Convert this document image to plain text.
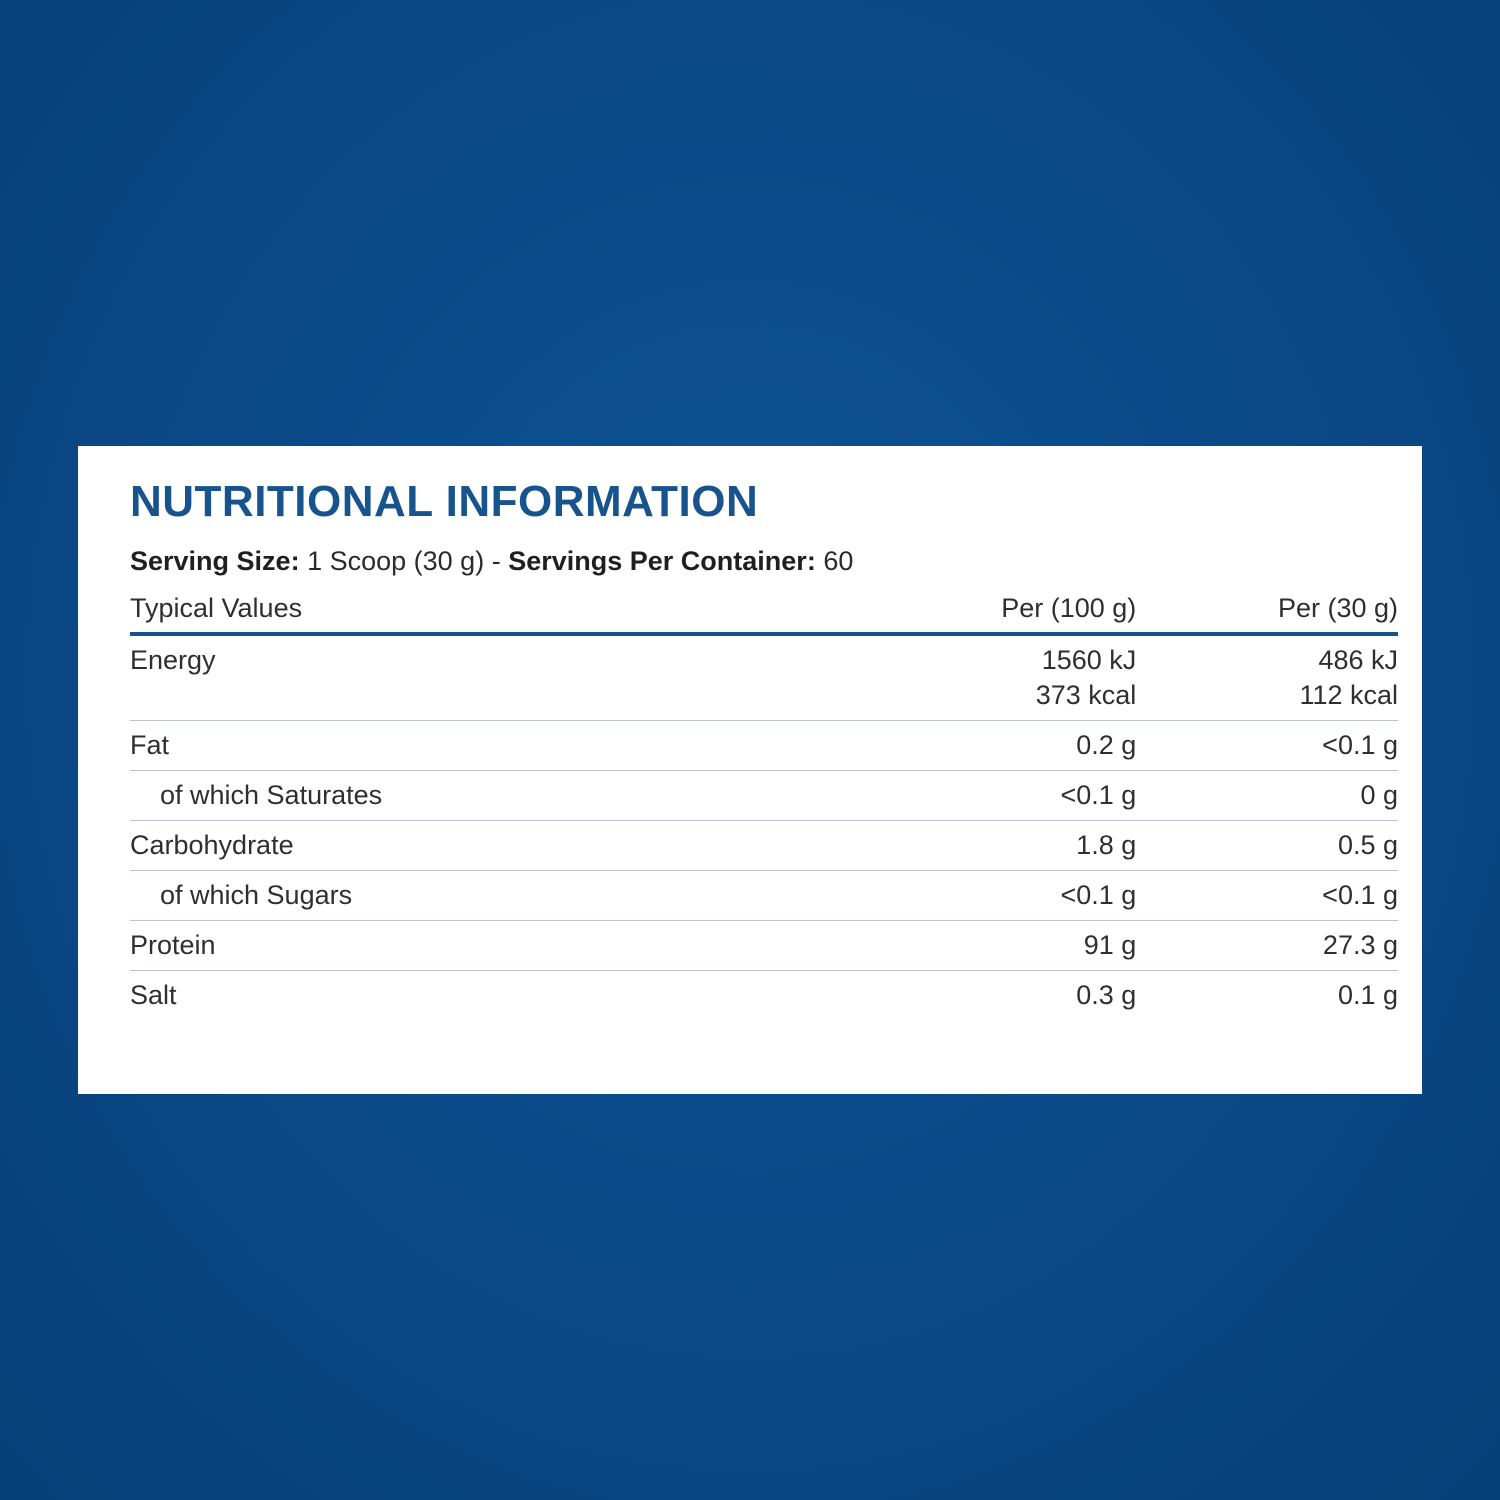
NUTRITIONAL INFORMATION
Serving Size: 1 Scoop (30 g) - Servings Per Container: 60
Typical Values	Per (100 g)	Per (30 g)
Energy	1560 kJ	486 kJ
	373 kcal	112 kcal
Fat	0.2 g	<0.1 g
of which Saturates	<0.1 g	0 g
Carbohydrate	1.8 g	0.5 g
of which Sugars	<0.1 g	<0.1 g
Protein	91 g	27.3 g
Salt	0.3 g	0.1 g
